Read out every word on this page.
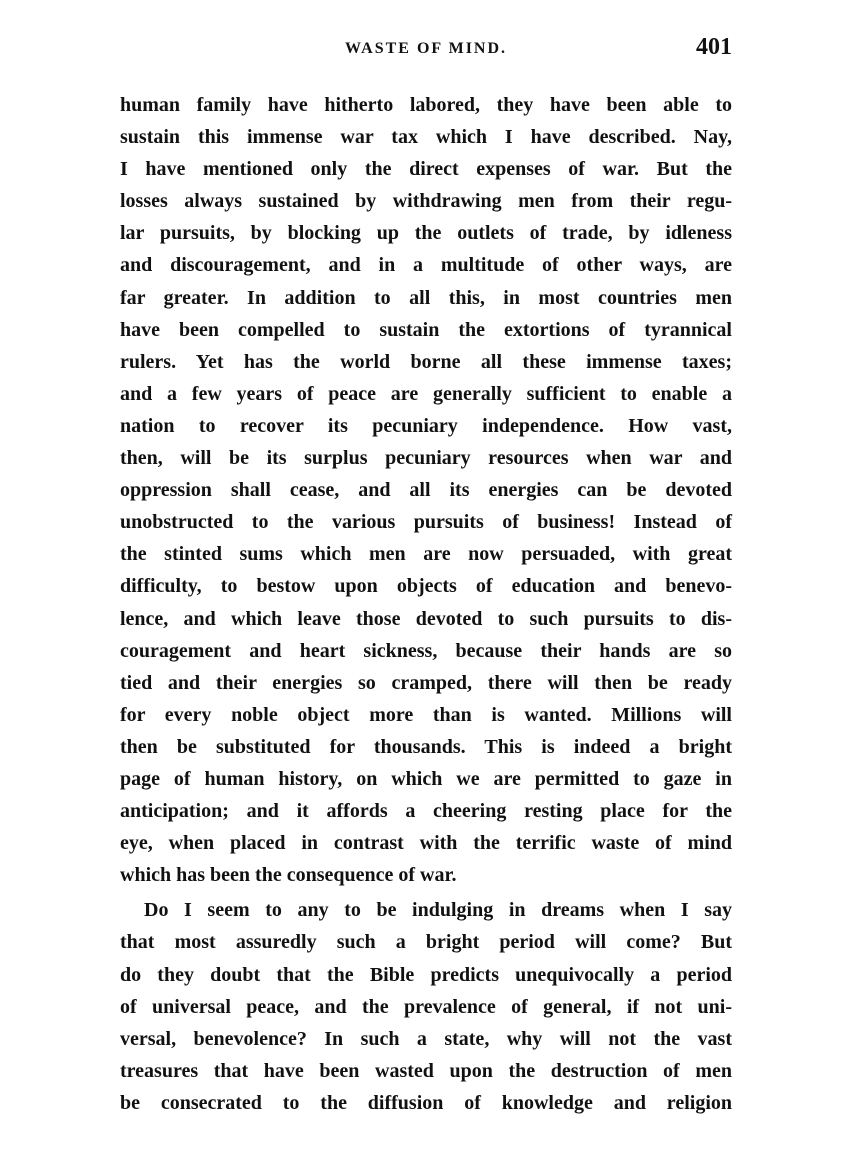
WASTE OF MIND.	401
human family have hitherto labored, they have been able to
sustain this immense war tax which I have described. Nay,
I have mentioned only the direct expenses of war. But the
losses always sustained by withdrawing men from their regu-
lar pursuits, by blocking up the outlets of trade, by idleness
and discouragement, and in a multitude of other ways, are
far greater. In addition to all this, in most countries men
have been compelled to sustain the extortions of tyrannical
rulers. Yet has the world borne all these immense taxes;
and a few years of peace are generally sufficient to enable a
nation to recover its pecuniary independence. How vast,
then, will be its surplus pecuniary resources when war and
oppression shall cease, and all its energies can be devoted
unobstructed to the various pursuits of business! Instead of
the stinted sums which men are now persuaded, with great
difficulty, to bestow upon objects of education and benevo-
lence, and which leave those devoted to such pursuits to dis-
couragement and heart sickness, because their hands are so
tied and their energies so cramped, there will then be ready
for every noble object more than is wanted. Millions will
then be substituted for thousands. This is indeed a bright
page of human history, on which we are permitted to gaze in
anticipation; and it affords a cheering resting place for the
eye, when placed in contrast with the terrific waste of mind
which has been the consequence of war.
Do I seem to any to be indulging in dreams when I say
that most assuredly such a bright period will come? But
do they doubt that the Bible predicts unequivocally a period
of universal peace, and the prevalence of general, if not uni-
versal, benevolence? In such a state, why will not the vast
treasures that have been wasted upon the destruction of men
be consecrated to the diffusion of knowledge and religion
